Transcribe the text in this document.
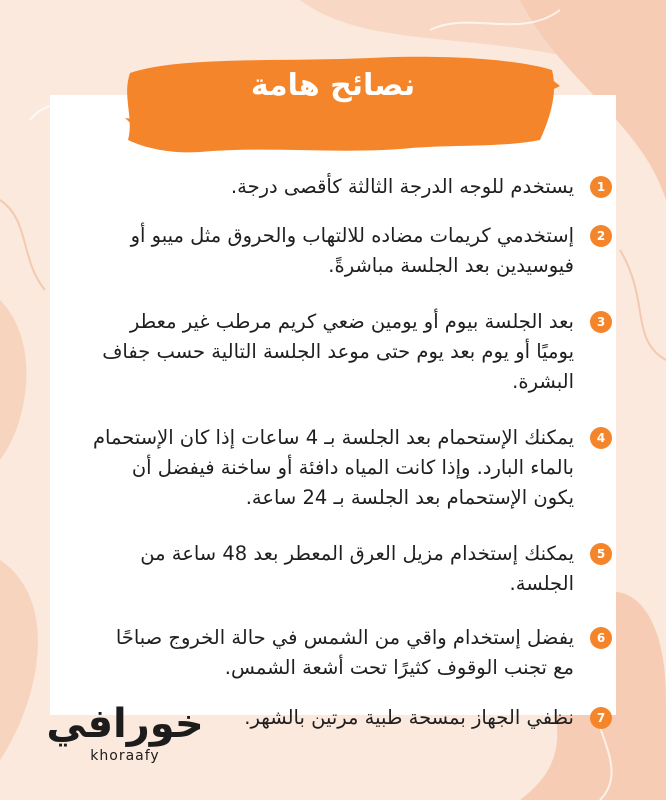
نصائح هامة
1
يستخدم للوجه الدرجة الثالثة كأقصى درجة.
2
إستخدمي كريمات مضاده للالتهاب والحروق مثل ميبو أو فيوسيدين بعد الجلسة مباشرةً.
3
بعد الجلسة بيوم أو يومين ضعي كريم مرطب غير معطر يوميًا أو يوم بعد يوم حتى موعد الجلسة التالية حسب جفاف البشرة.
4
يمكنك الإستحمام بعد الجلسة بـ 4 ساعات إذا كان الإستحمام بالماء البارد. وإذا كانت المياه دافئة أو ساخنة فيفضل أن يكون الإستحمام بعد الجلسة بـ 24 ساعة.
5
يمكنك إستخدام مزيل العرق المعطر بعد 48 ساعة من الجلسة.
6
يفضل إستخدام واقي من الشمس في حالة الخروج صباحًا مع تجنب الوقوف كثيرًا تحت أشعة الشمس.
7
نظفي الجهاز بمسحة طبية مرتين بالشهر.
خورافي
khoraafy
